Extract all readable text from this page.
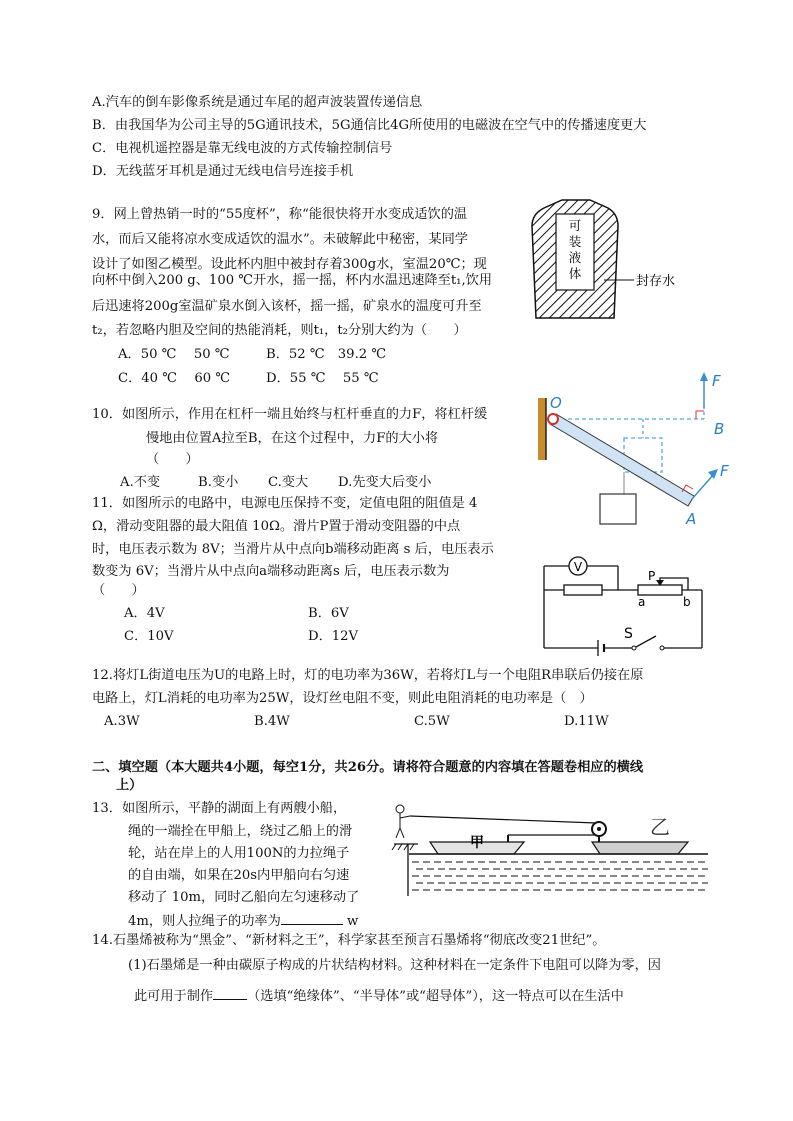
A.汽车的倒车影像系统是通过车尾的超声波装置传递信息
B．由我国华为公司主导的5G通讯技术，5G通信比4G所使用的电磁波在空气中的传播速度更大
C．电视机遥控器是靠无线电波的方式传输控制信号
D．无线蓝牙耳机是通过无线电信号连接手机
9．网上曾热销一时的“55度杯”，称“能很快将开水变成适饮的温
水，而后又能将凉水变成适饮的温水”。未破解此中秘密，某同学
设计了如图乙模型。设此杯内胆中被封存着300g水，室温20℃；现
向杯中倒入200 g、100 ℃开水，摇一摇，杯内水温迅速降至t₁,饮用
后迅速将200g室温矿泉水倒入该杯，摇一摇，矿泉水的温度可升至
t₂，若忽略内胆及空间的热能消耗，则t₁，t₂分别大约为（　　）
A．50 ℃　 50 ℃	B．52 ℃　39.2 ℃
C．40 ℃　 60 ℃	D．55 ℃　 55 ℃
可
装
液
体
封存水
10．如图所示，作用在杠杆一端且始终与杠杆垂直的力F，将杠杆缓
慢地由位置A拉至B，在这个过程中，力F的大小将
（　　）
A.不变	B.变小 C.变大 D.先变大后变小
F
B
O
F
A
11．如图所示的电路中，电源电压保持不变，定值电阻的阻值是 4
Ω，滑动变阻器的最大阻值 10Ω。滑片P置于滑动变阻器的中点
时，电压表示数为 8V；当滑片从中点向b端移动距离 s 后，电压表示
数变为 6V；当滑片从中点向a端移动距离s 后，电压表示数为
（　　）
A．4V	B．6V
C．10V	D．12V
V
P
a	b
S
12.将灯L街道电压为U的电路上时，灯的电功率为36W，若将灯L与一个电阻R串联后仍接在原
电路上，灯L消耗的电功率为25W，设灯丝电阻不变，则此电阻消耗的电功率是（　）
A.3W	B.4W	C.5W	D.11W
二、填空题（本大题共4小题，每空1分，共26分。请将符合题意的内容填在答题卷相应的横线
上）
13．如图所示，平静的湖面上有两艘小船，
绳的一端拴在甲船上，绕过乙船上的滑
轮，站在岸上的人用100N的力拉绳子
的自由端，如果在20s内甲船向右匀速
移动了 10m，同时乙船向左匀速移动了
4m，则人拉绳子的功率为	w
甲
乙
14.石墨烯被称为“黑金”、“新材料之王”，科学家甚至预言石墨烯将“彻底改变21世纪”。
(1)石墨烯是一种由碳原子构成的片状结构材料。这种材料在一定条件下电阻可以降为零，因
此可用于制作	（选填“绝缘体”、“半导体”或“超导体”），这一特点可以在生活中
